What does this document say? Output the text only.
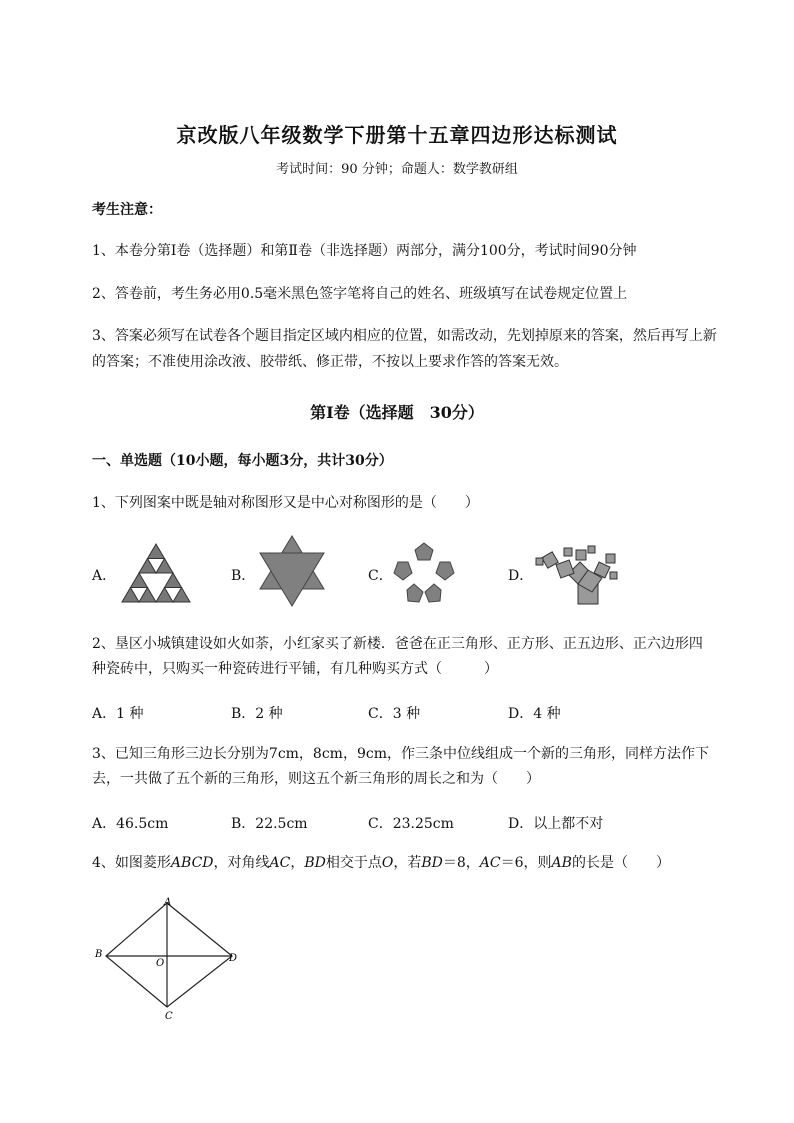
京改版八年级数学下册第十五章四边形达标测试
考试时间：90 分钟；命题人：数学教研组
考生注意：
1、本卷分第Ⅰ卷（选择题）和第Ⅱ卷（非选择题）两部分，满分100分，考试时间90分钟
2、答卷前，考生务必用0.5毫米黑色签字笔将自己的姓名、班级填写在试卷规定位置上
3、答案必须写在试卷各个题目指定区域内相应的位置，如需改动，先划掉原来的答案，然后再写上新
的答案；不准使用涂改液、胶带纸、修正带，不按以上要求作答的答案无效。
第Ⅰ卷（选择题　30分）
一、单选题（10小题，每小题3分，共计30分）
1、下列图案中既是轴对称图形又是中心对称图形的是（　　）
A．	B．	C．	D．
2、垦区小城镇建设如火如荼，小红家买了新楼．爸爸在正三角形、正方形、正五边形、正六边形四
种瓷砖中，只购买一种瓷砖进行平铺，有几种购买方式（　　　）
A．1 种	B．2 种	C．3 种	D．4 种
3、已知三角形三边长分别为7cm，8cm，9cm，作三条中位线组成一个新的三角形，同样方法作下
去，一共做了五个新的三角形，则这五个新三角形的周长之和为（　　）
A．46.5cm	B．22.5cm	C．23.25cm	D．以上都不对
4、如图菱形ABCD，对角线AC，BD相交于点O，若BD＝8，AC＝6，则AB的长是（　　）
A
B
C
D
O
